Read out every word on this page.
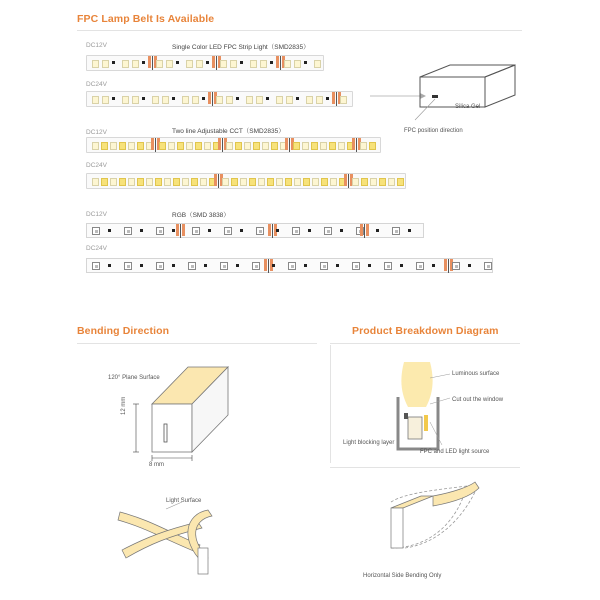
FPC Lamp Belt Is Available
DC12V	Single Color LED FPC Strip Light（SMD2835）
DC24V
Silica Gel
FPC position direction
DC12V	Two line Adjustable CCT（SMD2835）
DC24V
DC12V	RGB（SMD 3838）
DC24V
Bending Direction
120° Plane Surface
12 mm
8 mm
Light Surface
Product Breakdown Diagram
Luminous surface
Cut out the window
Light blocking layer
FPC and LED light source
Horizontal Side Bending Only
